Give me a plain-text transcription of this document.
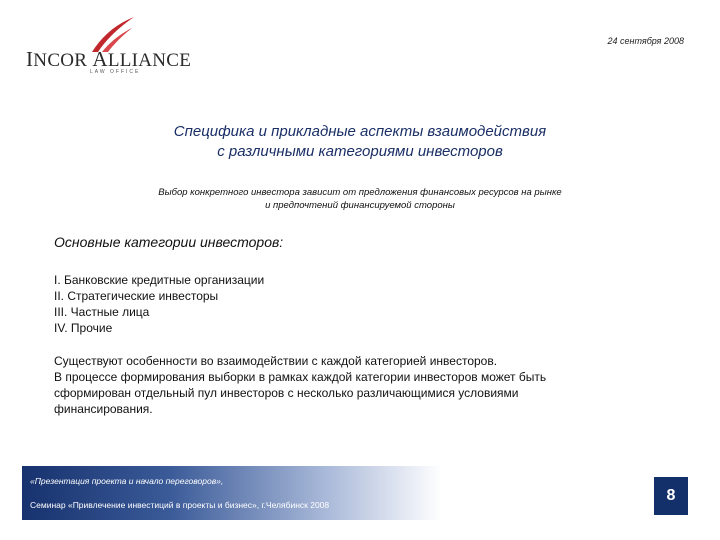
INCOR ALLIANCE
LAW OFFICE
24 сентября 2008
Специфика и прикладные аспекты взаимодействия
с различными категориями инвесторов
Выбор конкретного инвестора зависит от предложения финансовых ресурсов на рынке
и предпочтений финансируемой стороны
Основные категории инвесторов:
I. Банковские кредитные организации
II. Стратегические инвесторы
III. Частные лица
IV. Прочие
Существуют особенности во взаимодействии с каждой категорией инвесторов.
В процессе формирования выборки в рамках каждой категории инвесторов может быть
сформирован отдельный пул инвесторов с несколько различающимися условиями
финансирования.
«Презентация проекта и начало переговоров»,
Семинар «Привлечение инвестиций в проекты и бизнес», г.Челябинск 2008
8
